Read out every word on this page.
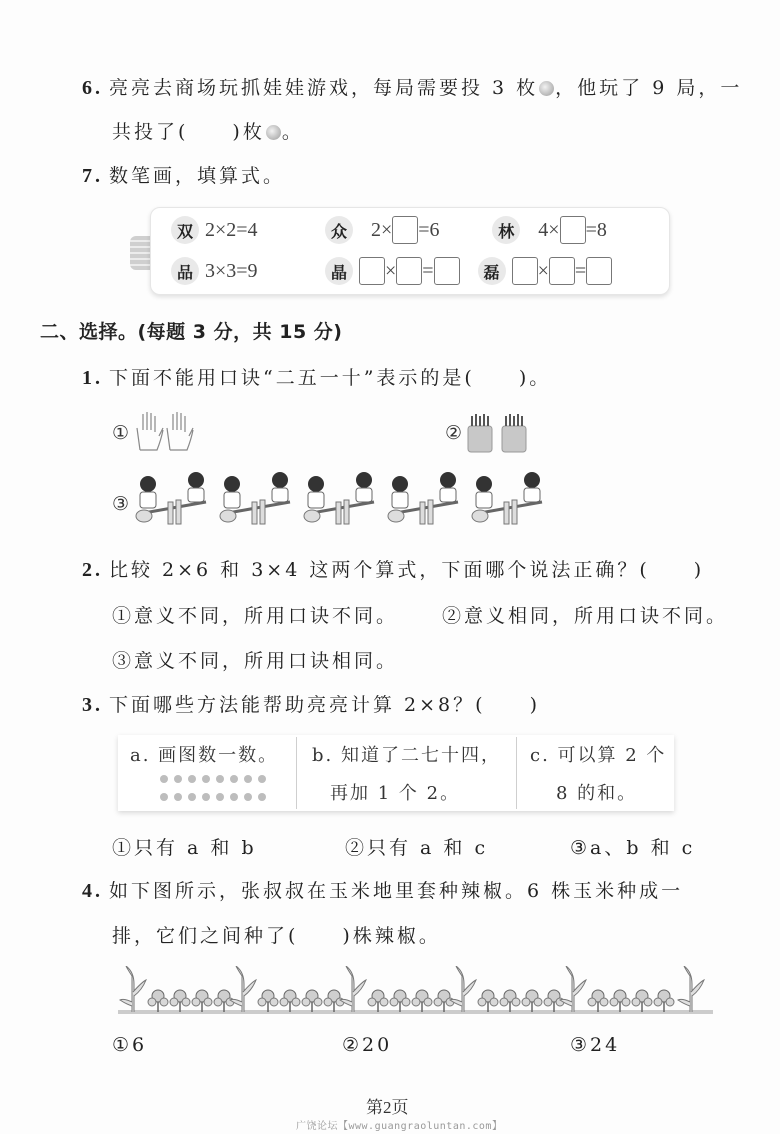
6. 亮亮去商场玩抓娃娃游戏，每局需要投 3 枚 ，他玩了 9 局，一
共投了( )枚 。
7. 数笔画，填算式。
双 2×2=4	众	2× =6	林	4× =8
品 3×3=9	晶	× =	磊	× =
二、选择。(每题 3 分，共 15 分)
1. 下面不能用口诀“二五一十”表示的是( )。
①	②
③
2. 比较 2×6 和 3×4 这两个算式，下面哪个说法正确？( )
①意义不同，所用口诀不同。 ②意义相同，所用口诀不同。
③意义不同，所用口诀相同。
3. 下面哪些方法能帮助亮亮计算 2×8？( )
a. 画图数一数。 b. 知道了二七十四，
再加 1 个 2。
c. 可以算 2 个
8 的和。
①只有 a 和 b	②只有 a 和 c	③a、b 和 c
4. 如下图所示，张叔叔在玉米地里套种辣椒。6 株玉米种成一
排，它们之间种了( )株辣椒。
①6	②20	③24
第2页
广饶论坛【www.guangraoluntan.com】
